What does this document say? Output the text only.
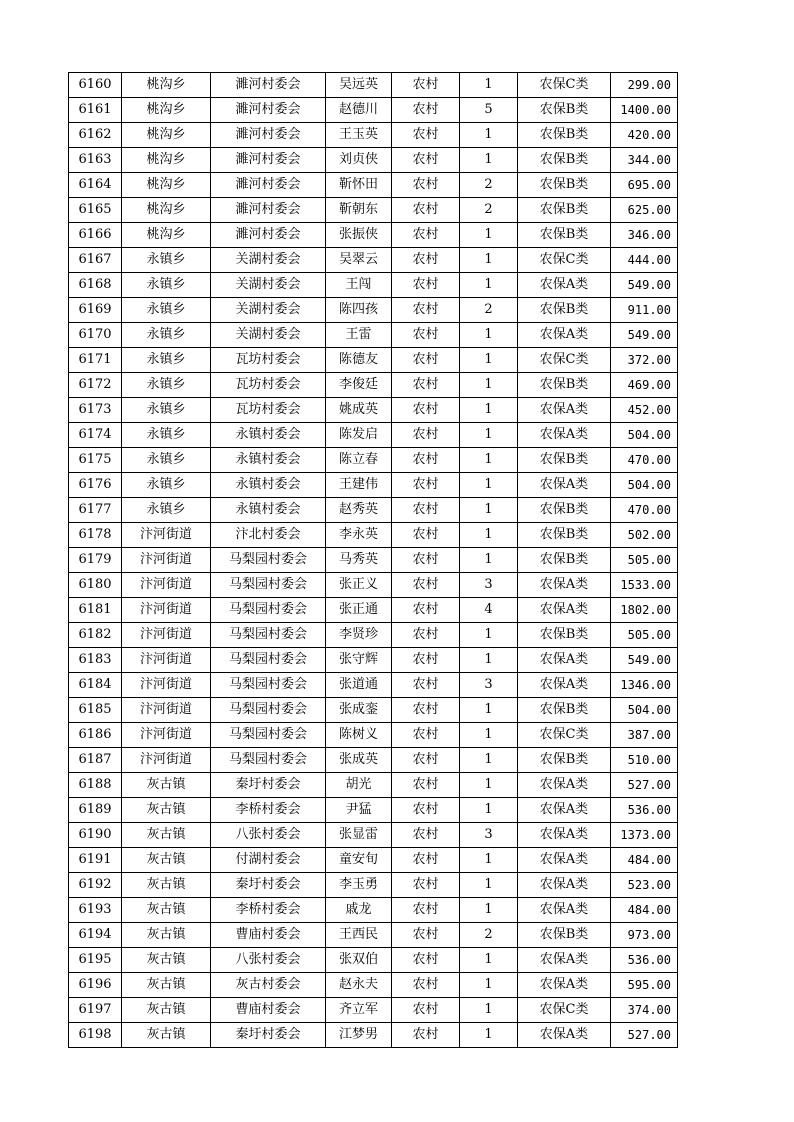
6160	桃沟乡	濉河村委会	吴远英	农村	1	农保C类	299.00
6161	桃沟乡	濉河村委会	赵德川	农村	5	农保B类	1400.00
6162	桃沟乡	濉河村委会	王玉英	农村	1	农保B类	420.00
6163	桃沟乡	濉河村委会	刘贞侠	农村	1	农保B类	344.00
6164	桃沟乡	濉河村委会	靳怀田	农村	2	农保B类	695.00
6165	桃沟乡	濉河村委会	靳朝东	农村	2	农保B类	625.00
6166	桃沟乡	濉河村委会	张振侠	农村	1	农保B类	346.00
6167	永镇乡	关湖村委会	吴翠云	农村	1	农保C类	444.00
6168	永镇乡	关湖村委会	王闯	农村	1	农保A类	549.00
6169	永镇乡	关湖村委会	陈四孩	农村	2	农保B类	911.00
6170	永镇乡	关湖村委会	王雷	农村	1	农保A类	549.00
6171	永镇乡	瓦坊村委会	陈德友	农村	1	农保C类	372.00
6172	永镇乡	瓦坊村委会	李俊廷	农村	1	农保B类	469.00
6173	永镇乡	瓦坊村委会	姚成英	农村	1	农保A类	452.00
6174	永镇乡	永镇村委会	陈发启	农村	1	农保A类	504.00
6175	永镇乡	永镇村委会	陈立春	农村	1	农保B类	470.00
6176	永镇乡	永镇村委会	王建伟	农村	1	农保A类	504.00
6177	永镇乡	永镇村委会	赵秀英	农村	1	农保B类	470.00
6178	汴河街道	汴北村委会	李永英	农村	1	农保B类	502.00
6179	汴河街道	马梨园村委会	马秀英	农村	1	农保B类	505.00
6180	汴河街道	马梨园村委会	张正义	农村	3	农保A类	1533.00
6181	汴河街道	马梨园村委会	张正通	农村	4	农保A类	1802.00
6182	汴河街道	马梨园村委会	李贤珍	农村	1	农保B类	505.00
6183	汴河街道	马梨园村委会	张守辉	农村	1	农保A类	549.00
6184	汴河街道	马梨园村委会	张道通	农村	3	农保A类	1346.00
6185	汴河街道	马梨园村委会	张成銮	农村	1	农保B类	504.00
6186	汴河街道	马梨园村委会	陈树义	农村	1	农保C类	387.00
6187	汴河街道	马梨园村委会	张成英	农村	1	农保B类	510.00
6188	灰古镇	秦圩村委会	胡光	农村	1	农保A类	527.00
6189	灰古镇	李桥村委会	尹猛	农村	1	农保A类	536.00
6190	灰古镇	八张村委会	张显雷	农村	3	农保A类	1373.00
6191	灰古镇	付湖村委会	童安旬	农村	1	农保A类	484.00
6192	灰古镇	秦圩村委会	李玉勇	农村	1	农保A类	523.00
6193	灰古镇	李桥村委会	戚龙	农村	1	农保A类	484.00
6194	灰古镇	曹庙村委会	王西民	农村	2	农保B类	973.00
6195	灰古镇	八张村委会	张双伯	农村	1	农保A类	536.00
6196	灰古镇	灰古村委会	赵永夫	农村	1	农保A类	595.00
6197	灰古镇	曹庙村委会	齐立军	农村	1	农保C类	374.00
6198	灰古镇	秦圩村委会	江梦男	农村	1	农保A类	527.00
